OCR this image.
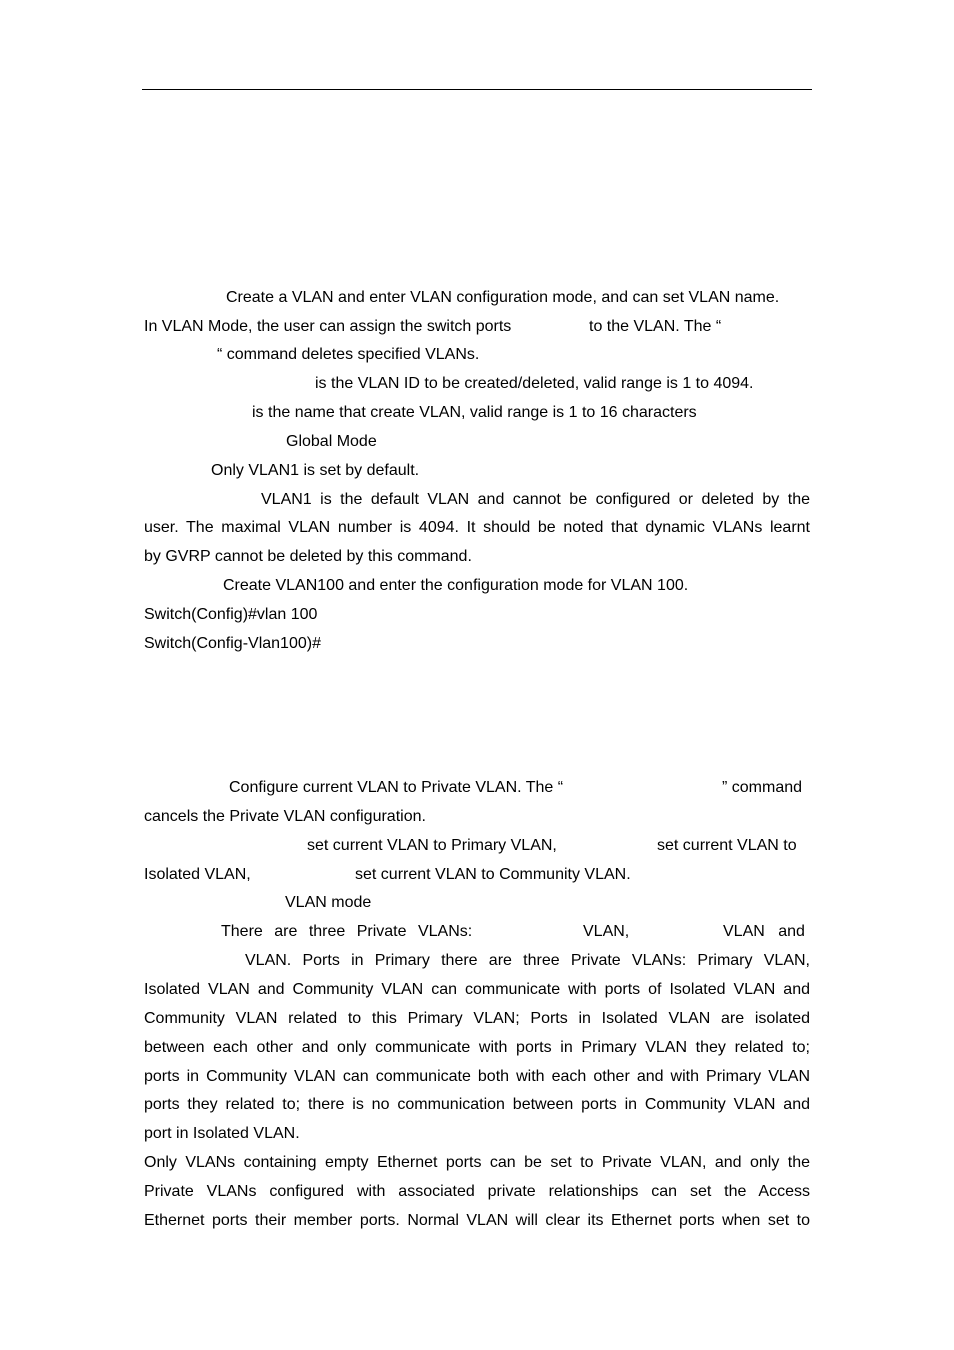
Create a VLAN and enter VLAN configuration mode, and can set VLAN name.
In VLAN Mode, the user can assign the switch ports	to the VLAN. The “
“ command deletes specified VLANs.
is the VLAN ID to be created/deleted, valid range is 1 to 4094.
is the name that create VLAN, valid range is 1 to 16 characters
Global Mode
Only VLAN1 is set by default.
VLAN1 is the default VLAN and cannot be configured or deleted by the
user. The maximal VLAN number is 4094. It should be noted that dynamic VLANs learnt
by GVRP cannot be deleted by this command.
Create VLAN100 and enter the configuration mode for VLAN 100.
Switch(Config)#vlan 100
Switch(Config-Vlan100)#
Configure current VLAN to Private VLAN. The “	” command
cancels the Private VLAN configuration.
set current VLAN to Primary VLAN,	set current VLAN to
Isolated VLAN,	set current VLAN to Community VLAN.
VLAN mode
There are three Private VLANs:	VLAN,	VLAN and
VLAN. Ports in Primary there are three Private VLANs: Primary VLAN,
Isolated VLAN and Community VLAN can communicate with ports of Isolated VLAN and
Community VLAN related to this Primary VLAN; Ports in Isolated VLAN are isolated
between each other and only communicate with ports in Primary VLAN they related to;
ports in Community VLAN can communicate both with each other and with Primary VLAN
ports they related to; there is no communication between ports in Community VLAN and
port in Isolated VLAN.
Only VLANs containing empty Ethernet ports can be set to Private VLAN, and only the
Private VLANs configured with associated private relationships can set the Access
Ethernet ports their member ports. Normal VLAN will clear its Ethernet ports when set to
